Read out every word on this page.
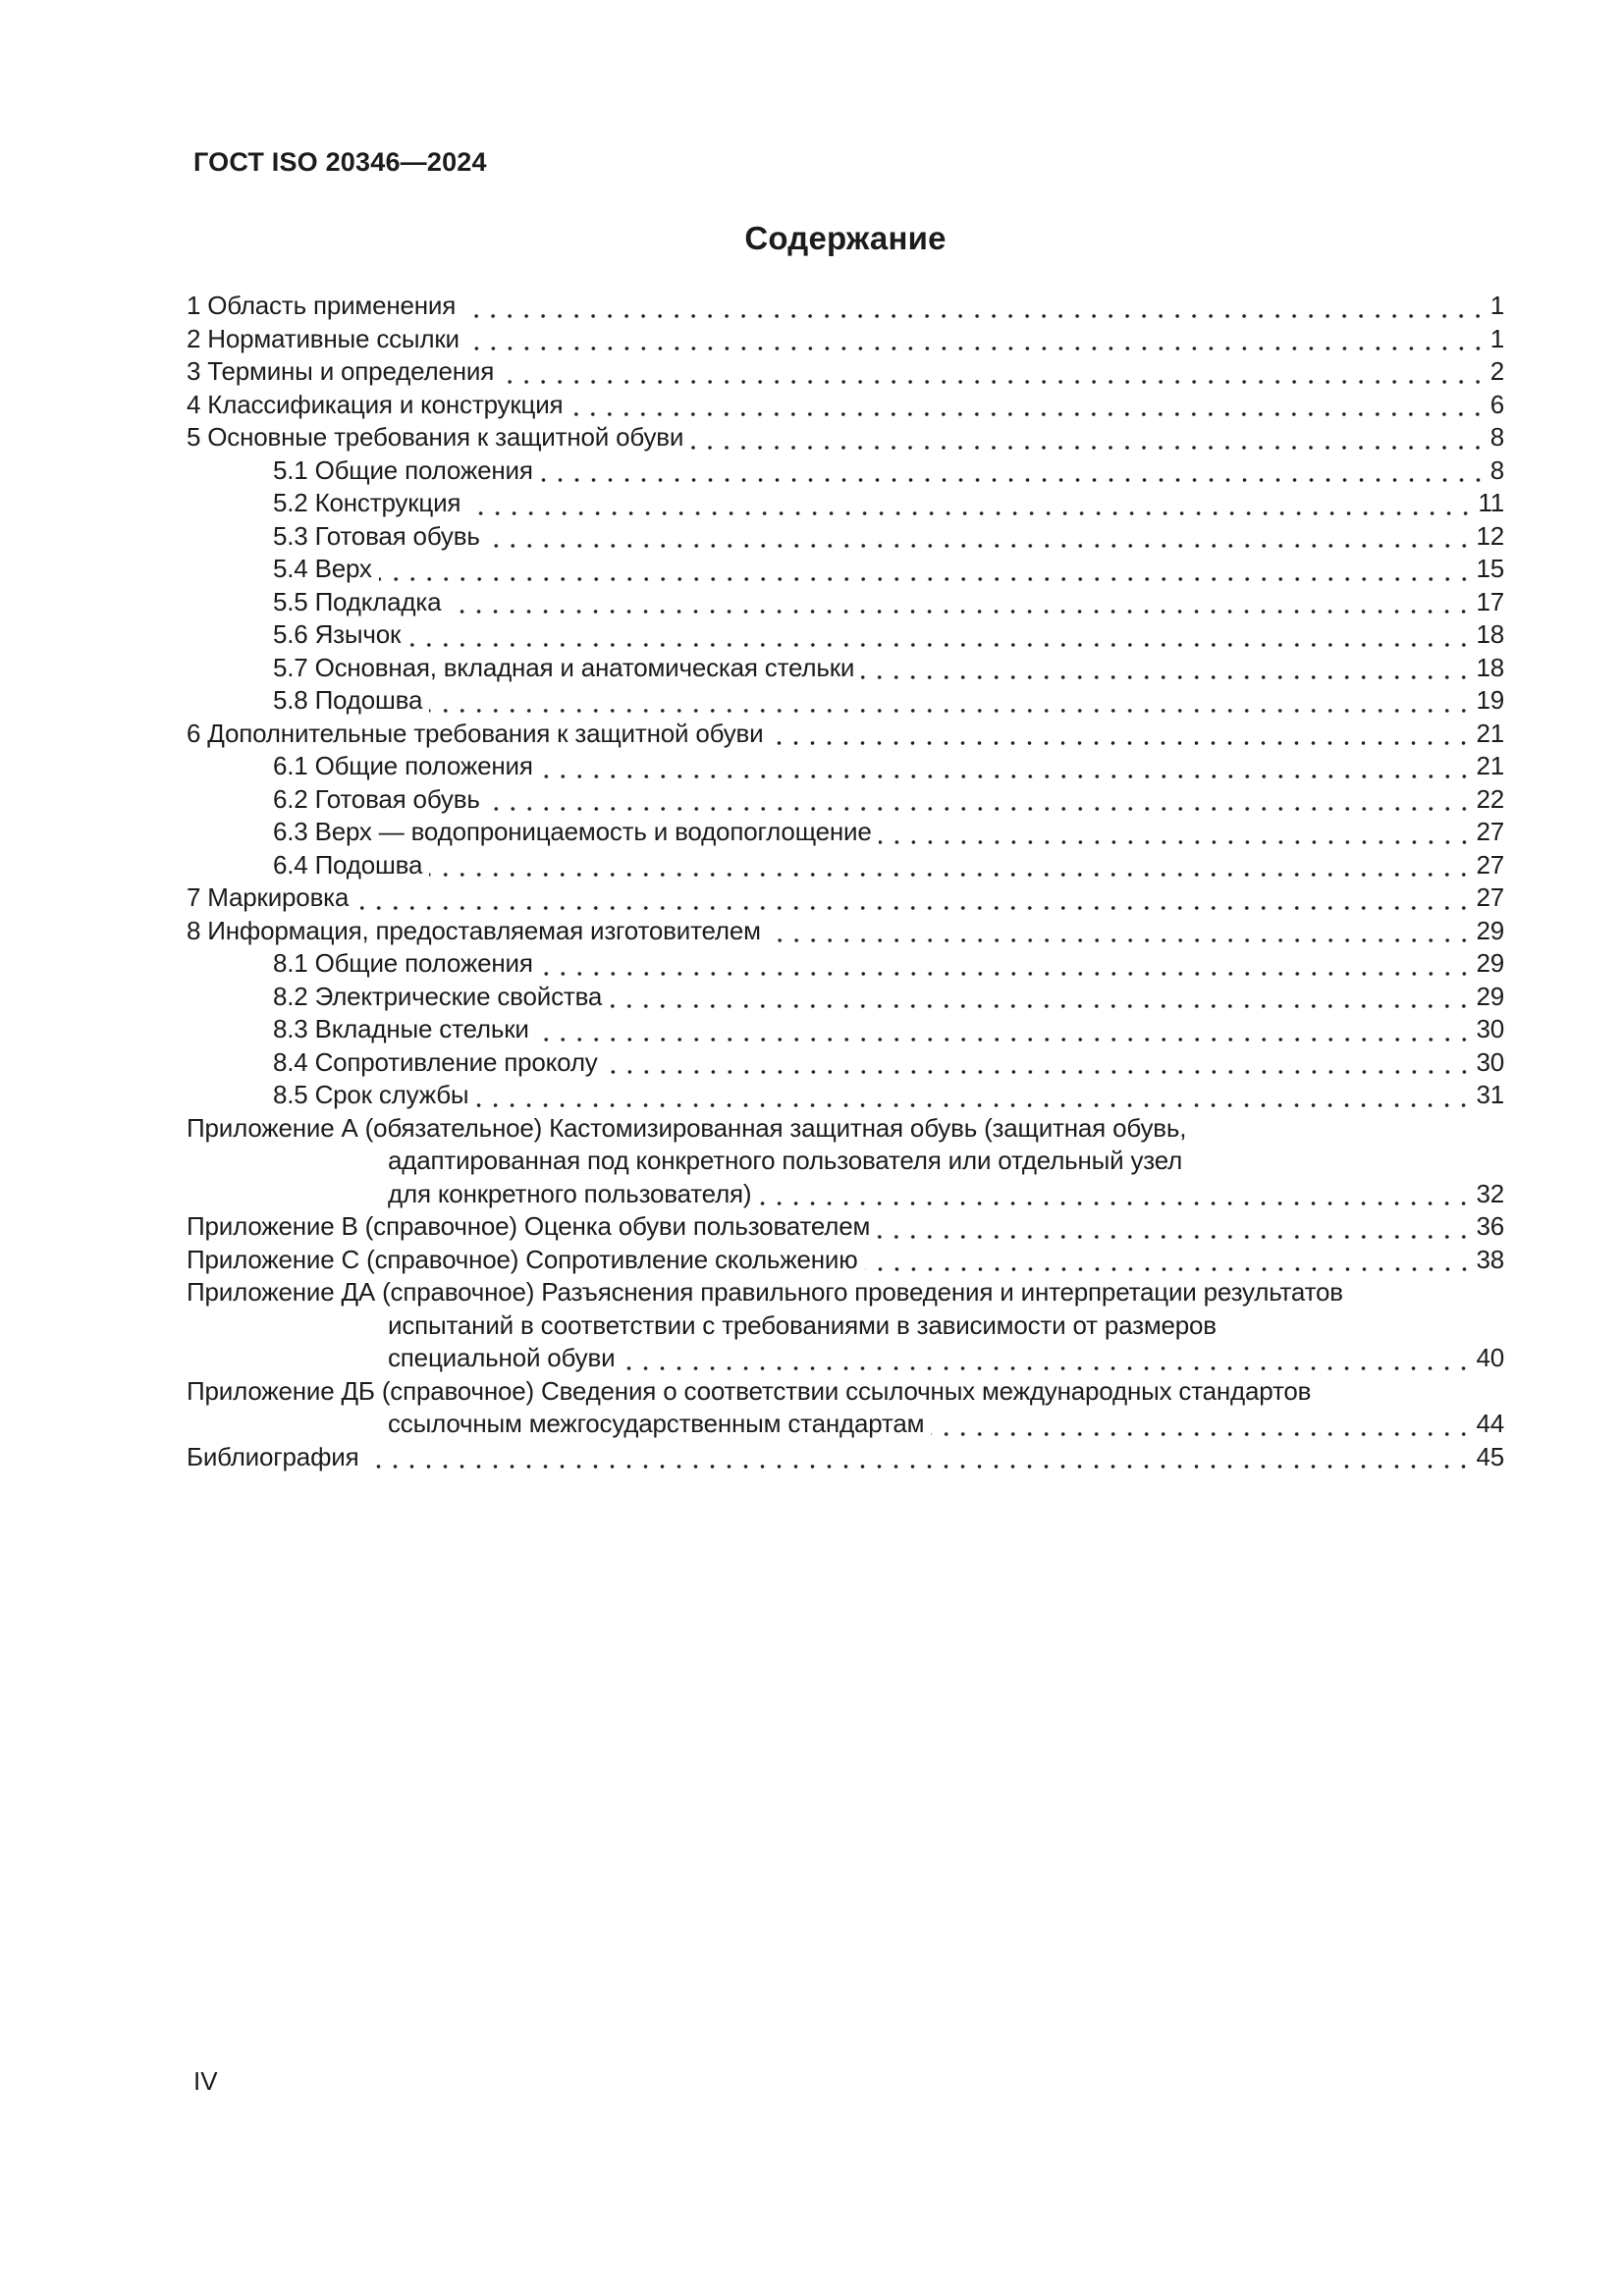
ГОСТ ISO 20346—2024
Содержание
1 Область применения	1
2 Нормативные ссылки	1
3 Термины и определения	2
4 Классификация и конструкция	6
5 Основные требования к защитной обуви	8
5.1 Общие положения	8
5.2 Конструкция	11
5.3 Готовая обувь	12
5.4 Верх	15
5.5 Подкладка	17
5.6 Язычок	18
5.7 Основная, вкладная и анатомическая стельки	18
5.8 Подошва	19
6 Дополнительные требования к защитной обуви	21
6.1 Общие положения	21
6.2 Готовая обувь	22
6.3 Верх — водопроницаемость и водопоглощение	27
6.4 Подошва	27
7 Маркировка	27
8 Информация, предоставляемая изготовителем	29
8.1 Общие положения	29
8.2 Электрические свойства	29
8.3 Вкладные стельки	30
8.4 Сопротивление проколу	30
8.5 Срок службы	31
Приложение А (обязательное) Кастомизированная защитная обувь (защитная обувь,
адаптированная под конкретного пользователя или отдельный узел
для конкретного пользователя)	32
Приложение В (справочное) Оценка обуви пользователем	36
Приложение С (справочное) Сопротивление скольжению	38
Приложение ДА (справочное) Разъяснения правильного проведения и интерпретации результатов
испытаний в соответствии с требованиями в зависимости от размеров
специальной обуви	40
Приложение ДБ (справочное) Сведения о соответствии ссылочных международных стандартов
ссылочным межгосударственным стандартам	44
Библиография	45
IV
